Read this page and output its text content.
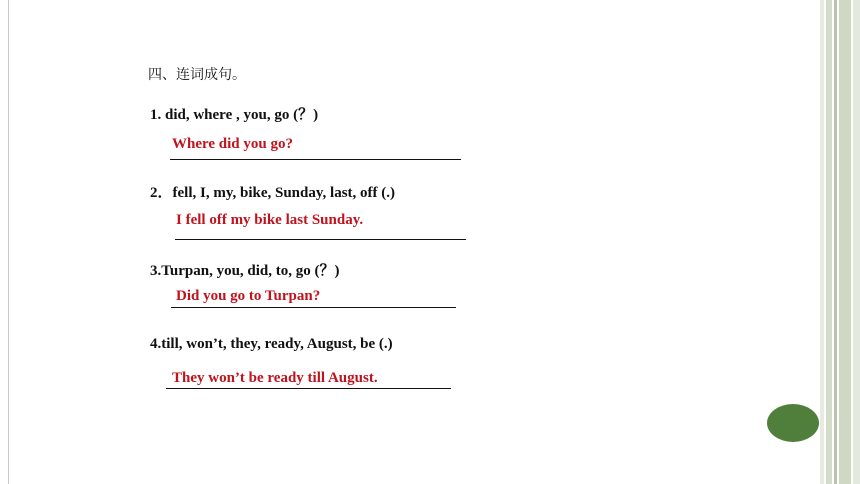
四、连词成句。
1. did, where , you, go (？)
Where did you go?
2．fell, I, my, bike, Sunday, last, off (.)
I fell off my bike last Sunday.
3.Turpan, you, did, to, go (？)
Did you go to Turpan?
4.till, won’t, they, ready, August, be (.)
They won’t be ready till August.
